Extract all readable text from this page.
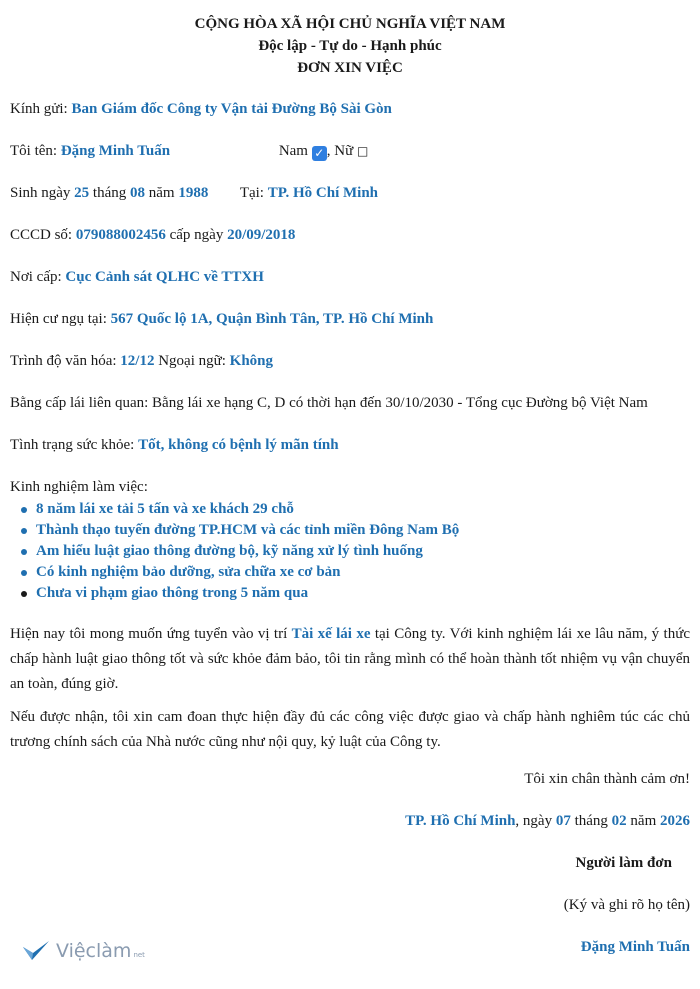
CỘNG HÒA XÃ HỘI CHỦ NGHĨA VIỆT NAM
Độc lập - Tự do - Hạnh phúc
ĐƠN XIN VIỆC
Kính gửi: Ban Giám đốc Công ty Vận tải Đường Bộ Sài Gòn
Tôi tên: Đặng Minh Tuấn	Nam ✓ , Nữ □
Sinh ngày 25 tháng 08 năm 1988 Tại: TP. Hồ Chí Minh
CCCD số: 079088002456 cấp ngày 20/09/2018
Nơi cấp: Cục Cảnh sát QLHC về TTXH
Hiện cư ngụ tại: 567 Quốc lộ 1A, Quận Bình Tân, TP. Hồ Chí Minh
Trình độ văn hóa: 12/12 Ngoại ngữ: Không
Bằng cấp lái liên quan: Bằng lái xe hạng C, D có thời hạn đến 30/10/2030 - Tổng cục Đường bộ Việt Nam
Tình trạng sức khỏe: Tốt, không có bệnh lý mãn tính
Kinh nghiệm làm việc:
8 năm lái xe tải 5 tấn và xe khách 29 chỗ
Thành thạo tuyến đường TP.HCM và các tỉnh miền Đông Nam Bộ
Am hiểu luật giao thông đường bộ, kỹ năng xử lý tình huống
Có kinh nghiệm bảo dưỡng, sửa chữa xe cơ bản
Chưa vi phạm giao thông trong 5 năm qua
Hiện nay tôi mong muốn ứng tuyển vào vị trí Tài xế lái xe tại Công ty. Với kinh nghiệm lái xe lâu năm, ý thức chấp hành luật giao thông tốt và sức khỏe đảm bảo, tôi tin rằng mình có thể hoàn thành tốt nhiệm vụ vận chuyển an toàn, đúng giờ.
Nếu được nhận, tôi xin cam đoan thực hiện đầy đủ các công việc được giao và chấp hành nghiêm túc các chủ trương chính sách của Nhà nước cũng như nội quy, kỷ luật của Công ty.
Tôi xin chân thành cảm ơn!
TP. Hồ Chí Minh, ngày 07 tháng 02 năm 2026
Người làm đơn
(Ký và ghi rõ họ tên)
Đặng Minh Tuấn
Việclàm net
